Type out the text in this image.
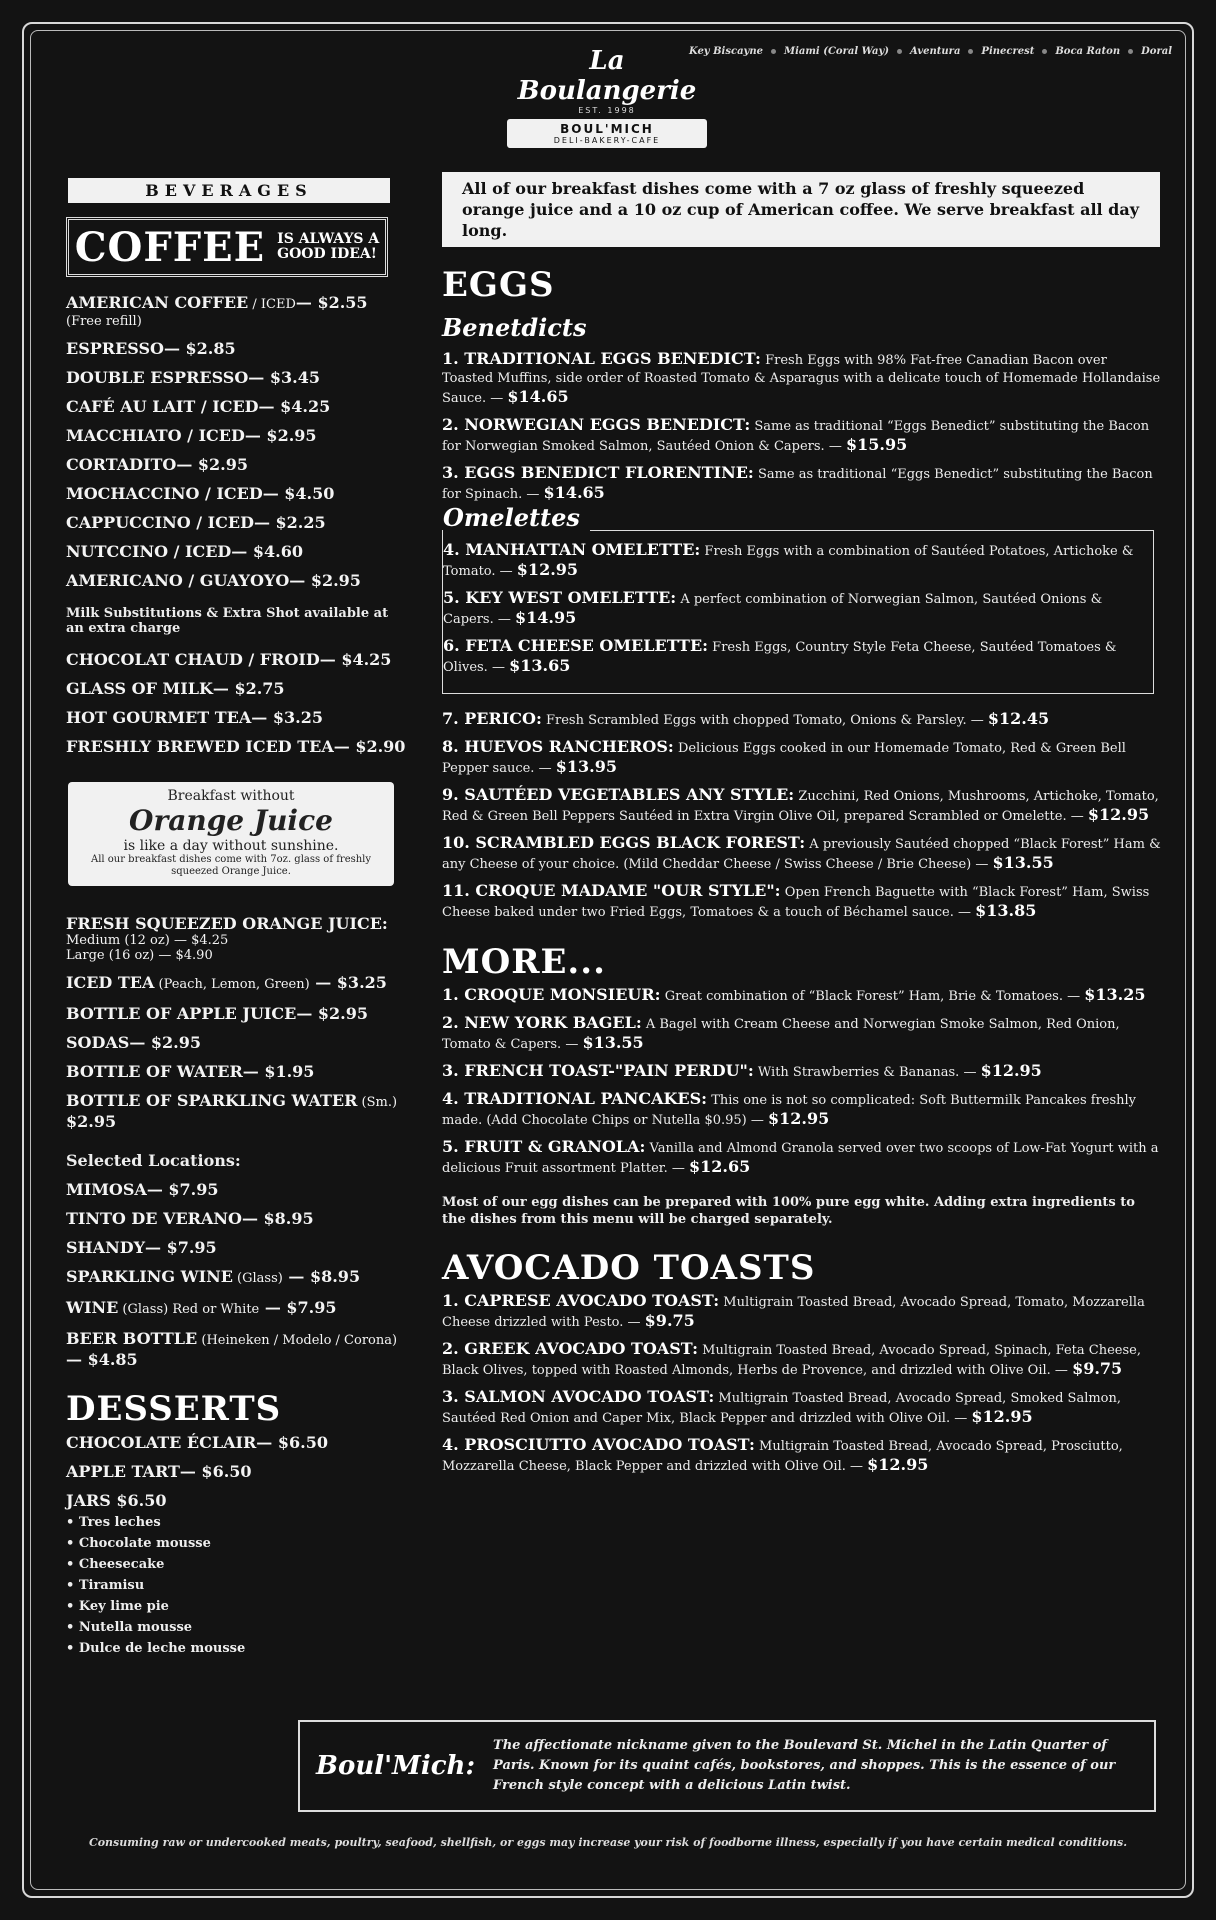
La Boulangerie
EST. 1998
BOUL'MICH
DELI-BAKERY-CAFE
Key Biscayne Miami (Coral Way) Aventura Pinecrest Boca Raton Doral
BEVERAGES
COFFEE IS ALWAYS A
GOOD IDEA!
AMERICAN COFFEE / ICED— $2.55
(Free refill)
ESPRESSO— $2.85
DOUBLE ESPRESSO— $3.45
CAFÉ AU LAIT / ICED— $4.25
MACCHIATO / ICED— $2.95
CORTADITO— $2.95
MOCHACCINO / ICED— $4.50
CAPPUCCINO / ICED— $2.25
NUTCCINO / ICED— $4.60
AMERICANO / GUAYOYO— $2.95
Milk Substitutions & Extra Shot available at an extra charge
CHOCOLAT CHAUD / FROID— $4.25
GLASS OF MILK— $2.75
HOT GOURMET TEA— $3.25
FRESHLY BREWED ICED TEA— $2.90
Breakfast without
Orange Juice
is like a day without sunshine.
All our breakfast dishes come with 7oz. glass of freshly squeezed Orange Juice.
FRESH SQUEEZED ORANGE JUICE:
Medium (12 oz) — $4.25
Large (16 oz) — $4.90
ICED TEA (Peach, Lemon, Green) — $3.25
BOTTLE OF APPLE JUICE— $2.95
SODAS— $2.95
BOTTLE OF WATER— $1.95
BOTTLE OF SPARKLING WATER (Sm.) $2.95
Selected Locations:
MIMOSA— $7.95
TINTO DE VERANO— $8.95
SHANDY— $7.95
SPARKLING WINE (Glass) — $8.95
WINE (Glass) Red or White — $7.95
BEER BOTTLE (Heineken / Modelo / Corona) — $4.85
DESSERTS
CHOCOLATE ÉCLAIR— $6.50
APPLE TART— $6.50
JARS $6.50
• Tres leches
• Chocolate mousse
• Cheesecake
• Tiramisu
• Key lime pie
• Nutella mousse
• Dulce de leche mousse
All of our breakfast dishes come with a 7 oz glass of freshly squeezed orange juice and a 10 oz cup of American coffee. We serve breakfast all day long.
EGGS
Benetdicts
1. TRADITIONAL EGGS BENEDICT: Fresh Eggs with 98% Fat-free Canadian Bacon over Toasted Muffins, side order of Roasted Tomato & Asparagus with a delicate touch of Homemade Hollandaise Sauce. — $14.65
2. NORWEGIAN EGGS BENEDICT: Same as traditional “Eggs Benedict” substituting the Bacon for Norwegian Smoked Salmon, Sautéed Onion & Capers. — $15.95
3. EGGS BENEDICT FLORENTINE: Same as traditional “Eggs Benedict” substituting the Bacon for Spinach. — $14.65
Omelettes
4. MANHATTAN OMELETTE: Fresh Eggs with a combination of Sautéed Potatoes, Artichoke & Tomato. — $12.95
5. KEY WEST OMELETTE: A perfect combination of Norwegian Salmon, Sautéed Onions & Capers. — $14.95
6. FETA CHEESE OMELETTE: Fresh Eggs, Country Style Feta Cheese, Sautéed Tomatoes & Olives. — $13.65
7. PERICO: Fresh Scrambled Eggs with chopped Tomato, Onions & Parsley. — $12.45
8. HUEVOS RANCHEROS: Delicious Eggs cooked in our Homemade Tomato, Red & Green Bell Pepper sauce. — $13.95
9. SAUTÉED VEGETABLES ANY STYLE: Zucchini, Red Onions, Mushrooms, Artichoke, Tomato, Red & Green Bell Peppers Sautéed in Extra Virgin Olive Oil, prepared Scrambled or Omelette. — $12.95
10. SCRAMBLED EGGS BLACK FOREST: A previously Sautéed chopped “Black Forest” Ham & any Cheese of your choice. (Mild Cheddar Cheese / Swiss Cheese / Brie Cheese) — $13.55
11. CROQUE MADAME "OUR STYLE": Open French Baguette with “Black Forest” Ham, Swiss Cheese baked under two Fried Eggs, Tomatoes & a touch of Béchamel sauce. — $13.85
MORE...
1. CROQUE MONSIEUR: Great combination of “Black Forest” Ham, Brie & Tomatoes. — $13.25
2. NEW YORK BAGEL: A Bagel with Cream Cheese and Norwegian Smoke Salmon, Red Onion, Tomato & Capers. — $13.55
3. FRENCH TOAST-"PAIN PERDU": With Strawberries & Bananas. — $12.95
4. TRADITIONAL PANCAKES: This one is not so complicated: Soft Buttermilk Pancakes freshly made. (Add Chocolate Chips or Nutella $0.95) — $12.95
5. FRUIT & GRANOLA: Vanilla and Almond Granola served over two scoops of Low-Fat Yogurt with a delicious Fruit assortment Platter. — $12.65
Most of our egg dishes can be prepared with 100% pure egg white. Adding extra ingredients to the dishes from this menu will be charged separately.
AVOCADO TOASTS
1. CAPRESE AVOCADO TOAST: Multigrain Toasted Bread, Avocado Spread, Tomato, Mozzarella Cheese drizzled with Pesto. — $9.75
2. GREEK AVOCADO TOAST: Multigrain Toasted Bread, Avocado Spread, Spinach, Feta Cheese, Black Olives, topped with Roasted Almonds, Herbs de Provence, and drizzled with Olive Oil. — $9.75
3. SALMON AVOCADO TOAST: Multigrain Toasted Bread, Avocado Spread, Smoked Salmon, Sautéed Red Onion and Caper Mix, Black Pepper and drizzled with Olive Oil. — $12.95
4. PROSCIUTTO AVOCADO TOAST: Multigrain Toasted Bread, Avocado Spread, Prosciutto, Mozzarella Cheese, Black Pepper and drizzled with Olive Oil. — $12.95
Boul'Mich:
The affectionate nickname given to the Boulevard St. Michel in the Latin Quarter of Paris. Known for its quaint cafés, bookstores, and shoppes. This is the essence of our French style concept with a delicious Latin twist.
Consuming raw or undercooked meats, poultry, seafood, shellfish, or eggs may increase your risk of foodborne illness, especially if you have certain medical conditions.
